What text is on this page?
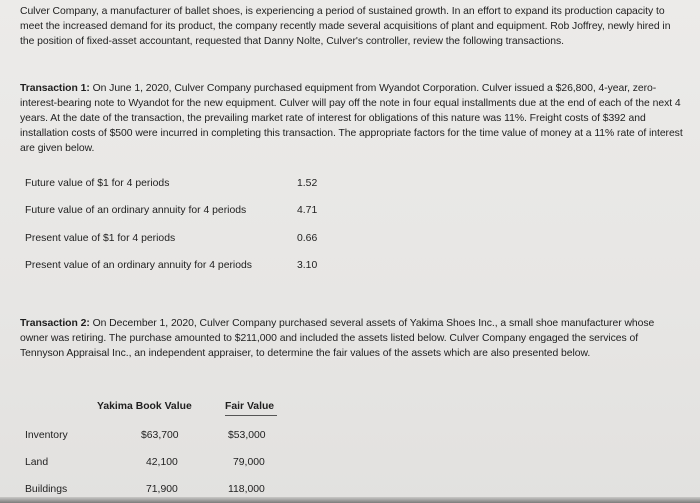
Culver Company, a manufacturer of ballet shoes, is experiencing a period of sustained growth. In an effort to expand its production capacity to meet the increased demand for its product, the company recently made several acquisitions of plant and equipment. Rob Joffrey, newly hired in the position of fixed-asset accountant, requested that Danny Nolte, Culver's controller, review the following transactions.
Transaction 1: On June 1, 2020, Culver Company purchased equipment from Wyandot Corporation. Culver issued a $26,800, 4-year, zero-interest-bearing note to Wyandot for the new equipment. Culver will pay off the note in four equal installments due at the end of each of the next 4 years. At the date of the transaction, the prevailing market rate of interest for obligations of this nature was 11%. Freight costs of $392 and installation costs of $500 were incurred in completing this transaction. The appropriate factors for the time value of money at a 11% rate of interest are given below.
Future value of $1 for 4 periods	1.52
Future value of an ordinary annuity for 4 periods	4.71
Present value of $1 for 4 periods	0.66
Present value of an ordinary annuity for 4 periods	3.10
Transaction 2: On December 1, 2020, Culver Company purchased several assets of Yakima Shoes Inc., a small shoe manufacturer whose owner was retiring. The purchase amounted to $211,000 and included the assets listed below. Culver Company engaged the services of Tennyson Appraisal Inc., an independent appraiser, to determine the fair values of the assets which are also presented below.
Yakima Book Value	Fair Value
Inventory	$63,700	$53,000
Land	42,100	79,000
Buildings	71,900	118,000
